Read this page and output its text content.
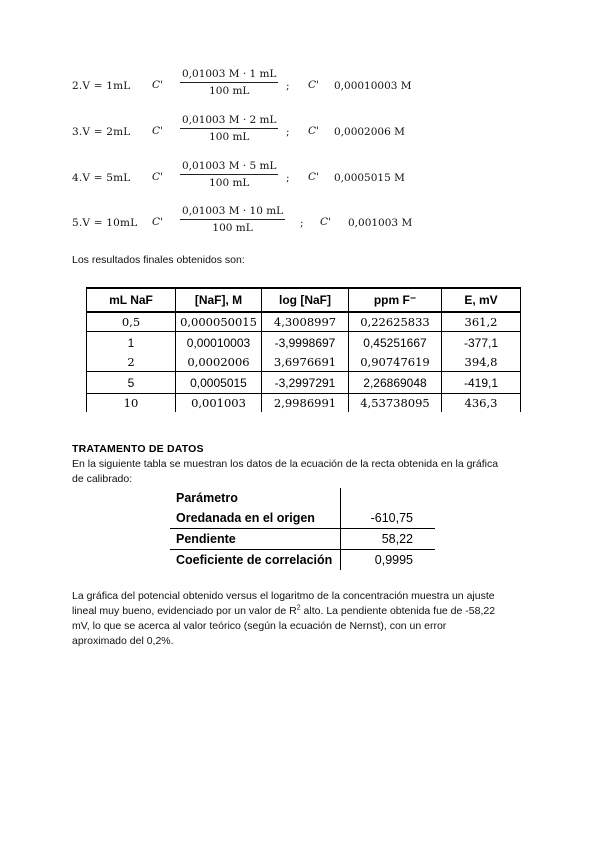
2.V = 1mL $C' \frac{0,01003 M \cdot 1 mL}{100 mL}$ ; C' 0,00010003 M
3.V = 2mL $C' \frac{0,01003 M \cdot 2 mL}{100 mL}$ ; C' 0,0002006 M
4.V = 5mL $C' \frac{0,01003 M \cdot 5 mL}{100 mL}$ ; C' 0,0005015 M
5.V = 10mL $C' \frac{0,01003 M \cdot 10 mL}{100 mL}$ ; C' 0,001003 M
Los resultados finales obtenidos son:
mL NaF	[NaF], M	log [NaF]	ppm F⁻	E, mV
0,5	0,000050015	4,3008997	0,22625833	361,2
1	0,00010003	-3,9998697	0,45251667	-377,1
2	0,0002006	3,6976691	0,90747619	394,8
5	0,0005015	-3,2997291	2,26869048	-419,1
10	0,001003	2,9986991	4,53738095	436,3
TRATAMENTO DE DATOS
En la siguiente tabla se muestran los datos de la ecuación de la recta obtenida en la gráfica
de calibrado:
Parámetro	
Oredanada en el origen	-610,75
Pendiente	58,22
Coeficiente de correlación	0,9995
La gráfica del potencial obtenido versus el logaritmo de la concentración muestra un ajuste
lineal muy bueno, evidenciado por un valor de $R^2$ alto. La pendiente obtenida fue de -58,22
mV, lo que se acerca al valor teórico (según la ecuación de Nernst), con un error
aproximado del 0,2%.
